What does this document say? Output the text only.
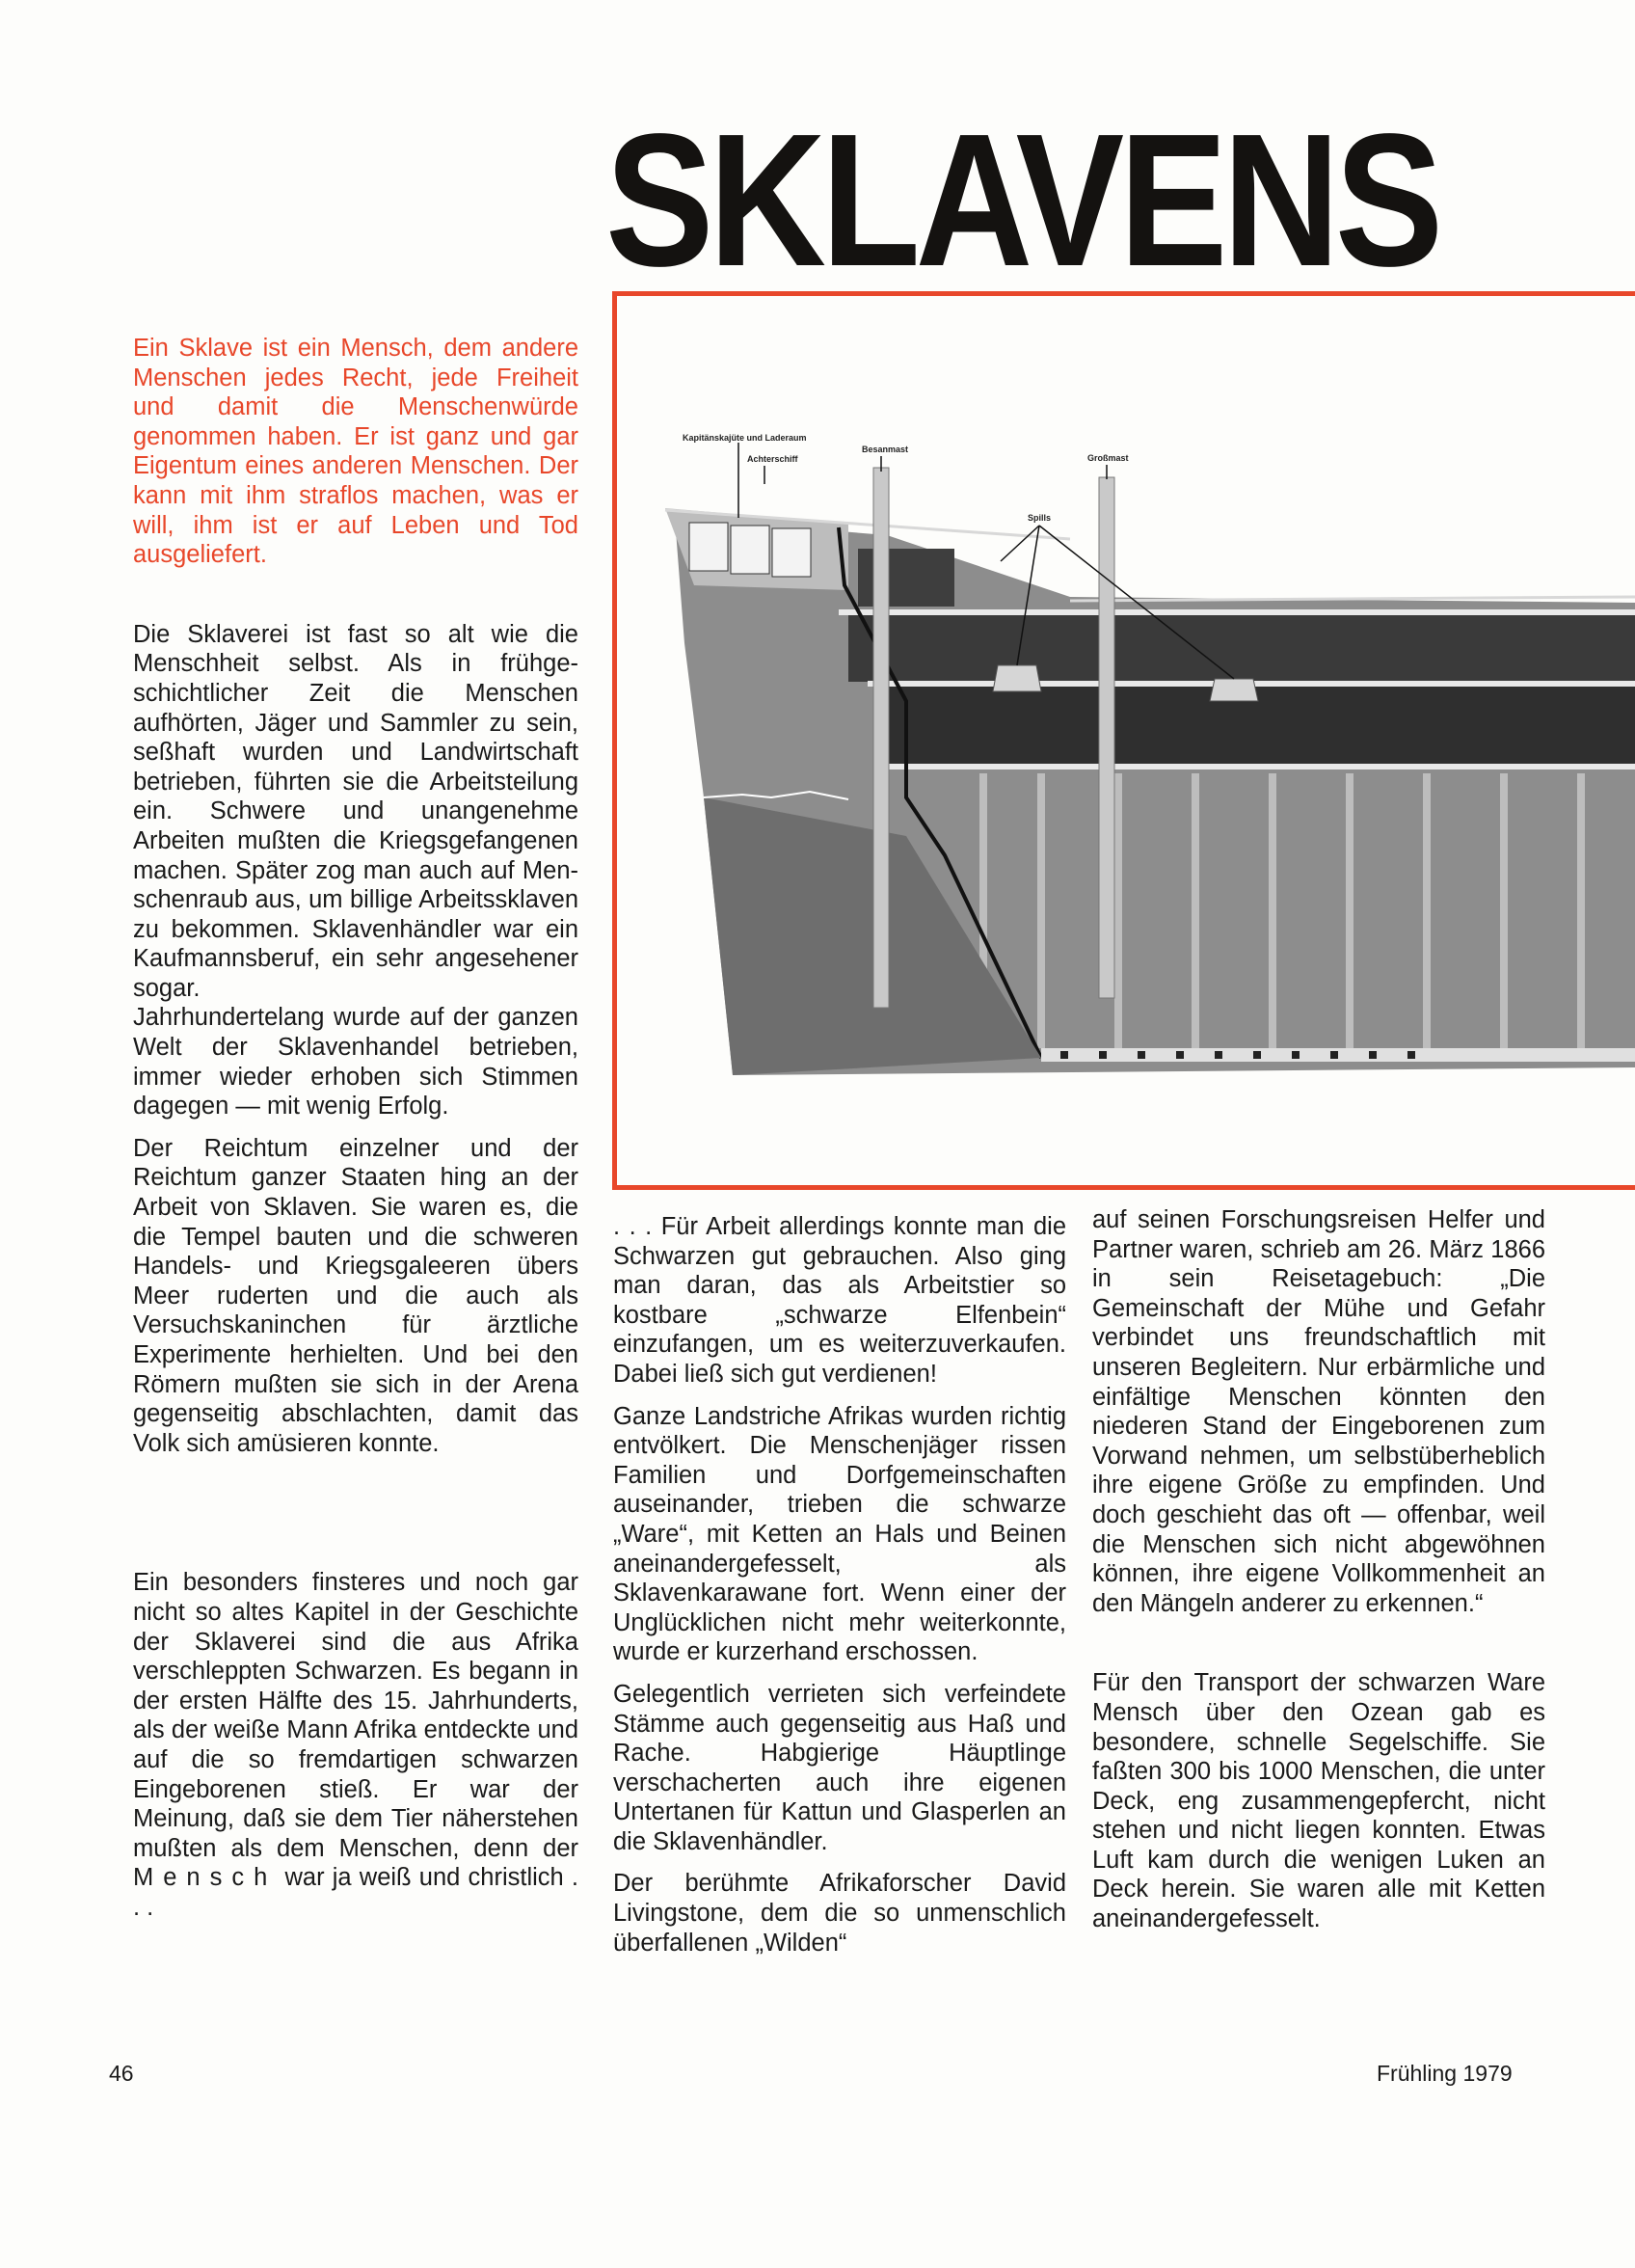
SKLAVENS
Kapitänskajüte und Laderaum
Achterschiff
Besanmast
Großmast
Spills

Ein Sklave ist ein Mensch, dem andere Menschen jedes Recht, jede Freiheit und damit die Menschenwürde genommen haben. Er ist ganz und gar Eigentum eines anderen Menschen. Der kann mit ihm straflos machen, was er will, ihm ist er auf Leben und Tod ausgeliefert.

Die Sklaverei ist fast so alt wie die Menschheit selbst. Als in frühgeschichtlicher Zeit die Menschen aufhörten, Jäger und Sammler zu sein, seßhaft wurden und Landwirtschaft betrieben, führten sie die Arbeitsteilung ein. Schwere und unangenehme Arbeiten mußten die Kriegsgefangenen machen. Später zog man auch auf Menschenraub aus, um billige Arbeitssklaven zu bekommen. Sklavenhändler war ein Kaufmannsberuf, ein sehr angesehener sogar.

Jahrhundertelang wurde auf der ganzen Welt der Sklavenhandel betrieben, immer wieder erhoben sich Stimmen dagegen — mit wenig Erfolg.

Der Reichtum einzelner und der Reichtum ganzer Staaten hing an der Arbeit von Sklaven. Sie waren es, die die Tempel bauten und die schweren Handels- und Kriegsgaleeren übers Meer ruderten und die auch als Versuchskaninchen für ärztliche Experimente herhielten. Und bei den Römern mußten sie sich in der Arena gegenseitig abschlachten, damit das Volk sich amüsieren konnte.

Ein besonders finsteres und noch gar nicht so altes Kapitel in der Geschichte der Sklaverei sind die aus Afrika verschleppten Schwarzen. Es begann in der ersten Hälfte des 15. Jahrhunderts, als der weiße Mann Afrika entdeckte und auf die so fremdartigen schwarzen Eingeborenen stieß. Er war der Meinung, daß sie dem Tier näherstehen mußten als dem Menschen, denn der Mensch war ja weiß und christlich . . .

. . . Für Arbeit allerdings konnte man die Schwarzen gut gebrauchen. Also ging man daran, das als Arbeitstier so kostbare „schwarze Elfenbein“ einzufangen, um es weiterzuverkaufen. Dabei ließ sich gut verdienen!

Ganze Landstriche Afrikas wurden richtig entvölkert. Die Menschenjäger rissen Familien und Dorfgemeinschaften auseinander, trieben die schwarze „Ware“, mit Ketten an Hals und Beinen aneinandergefesselt, als Sklavenkarawane fort. Wenn einer der Unglücklichen nicht mehr weiterkonnte, wurde er kurzerhand erschossen.

Gelegentlich verrieten sich verfeindete Stämme auch gegenseitig aus Haß und Rache. Habgierige Häuptlinge verschacherten auch ihre eigenen Untertanen für Kattun und Glasperlen an die Sklavenhändler.

Der berühmte Afrikaforscher David Livingstone, dem die so unmenschlich überfallenen „Wilden“

auf seinen Forschungsreisen Helfer und Partner waren, schrieb am 26. März 1866 in sein Reisetagebuch: „Die Gemeinschaft der Mühe und Gefahr verbindet uns freundschaftlich mit unseren Begleitern. Nur erbärmliche und einfältige Menschen könnten den niederen Stand der Eingeborenen zum Vorwand nehmen, um selbstüberheblich ihre eigene Größe zu empfinden. Und doch geschieht das oft — offenbar, weil die Menschen sich nicht abgewöhnen können, ihre eigene Vollkommenheit an den Mängeln anderer zu erkennen.“

Für den Transport der schwarzen Ware Mensch über den Ozean gab es besondere, schnelle Segelschiffe. Sie faßten 300 bis 1000 Menschen, die unter Deck, eng zusammengepfercht, nicht stehen und nicht liegen konnten. Etwas Luft kam durch die wenigen Luken an Deck herein. Sie waren alle mit Ketten aneinandergefesselt.

46	Frühling 1979
